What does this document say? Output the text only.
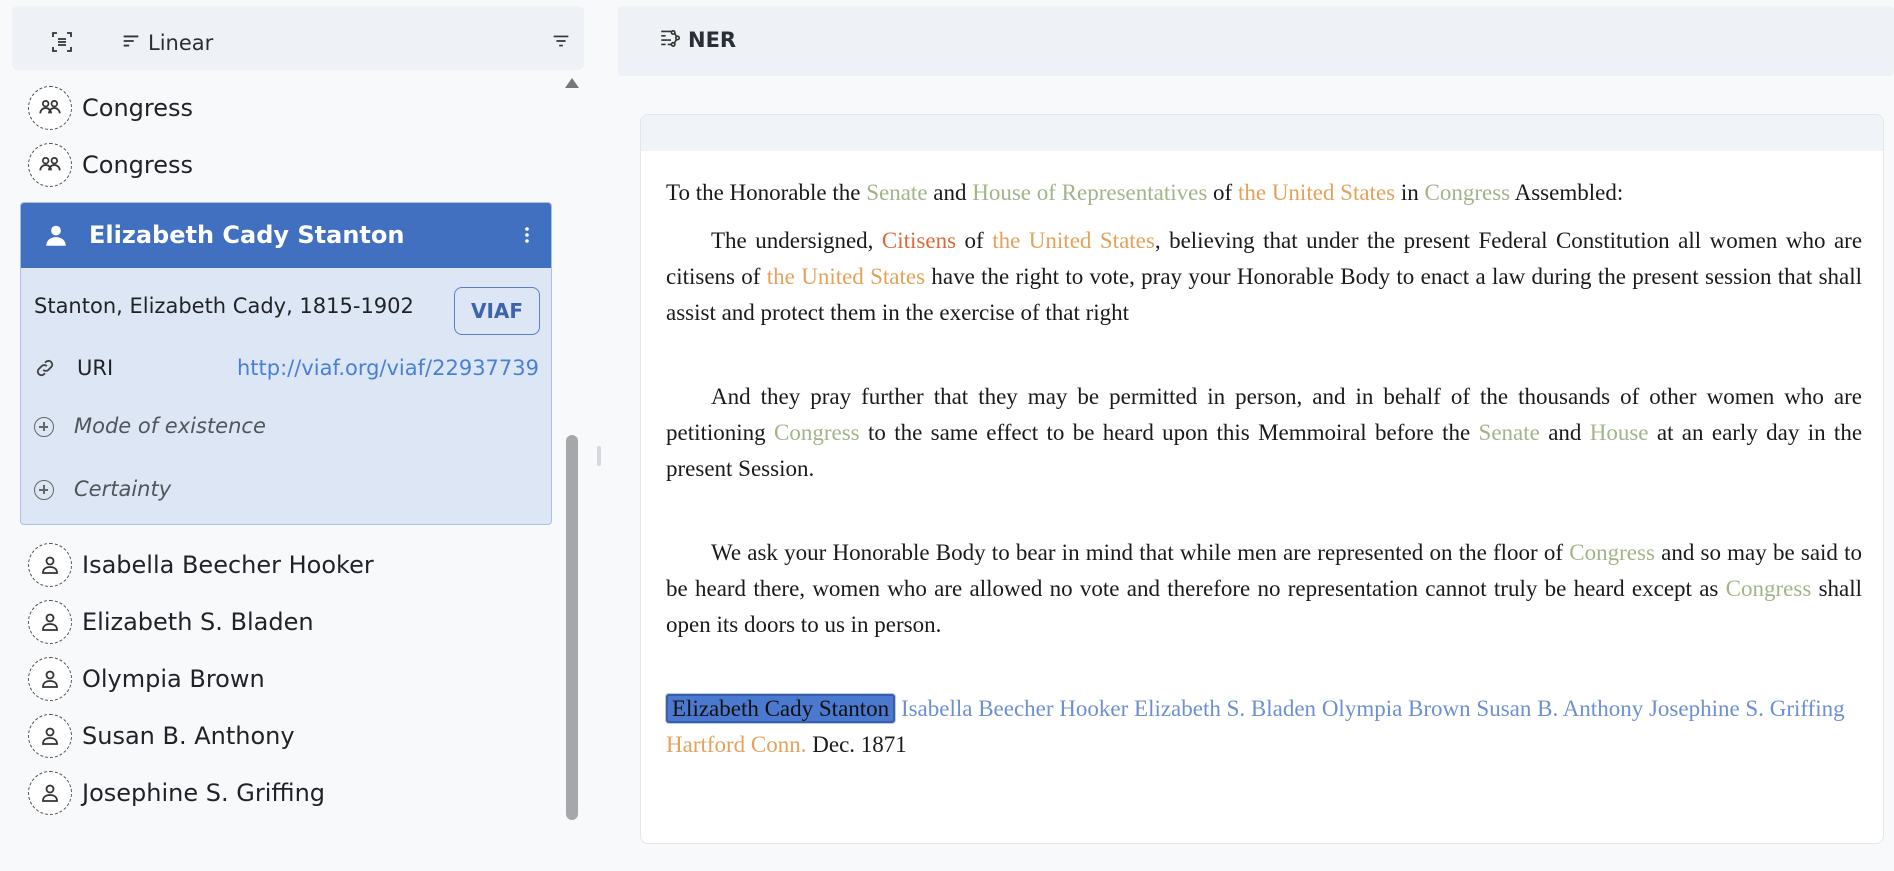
Linear
Congress
Congress
Elizabeth Cady Stanton
Stanton, Elizabeth Cady, 1815-1902	VIAF
URI	http://viaf.org/viaf/22937739
Mode of existence
Certainty
Isabella Beecher Hooker
Elizabeth S. Bladen
Olympia Brown
Susan B. Anthony
Josephine S. Griffing
NER

To the Honorable the Senate and House of Representatives of the United States in Congress Assembled:

The undersigned, Citisens of the United States, believing that under the present Federal Constitution all women who are citisens of the United States have the right to vote, pray your Honorable Body to enact a law during the present session that shall assist and protect them in the exercise of that right

And they pray further that they may be permitted in person, and in behalf of the thousands of other women who are petitioning Congress to the same effect to be heard upon this Memmoiral before the Senate and House at an early day in the present Session.

We ask your Honorable Body to bear in mind that while men are represented on the floor of Congress and so may be said to be heard there, women who are allowed no vote and therefore no representation cannot truly be heard except as Congress shall open its doors to us in person.

Elizabeth Cady Stanton Isabella Beecher Hooker Elizabeth S. Bladen Olympia Brown Susan B. Anthony Josephine S. Griffing Hartford Conn. Dec. 1871
